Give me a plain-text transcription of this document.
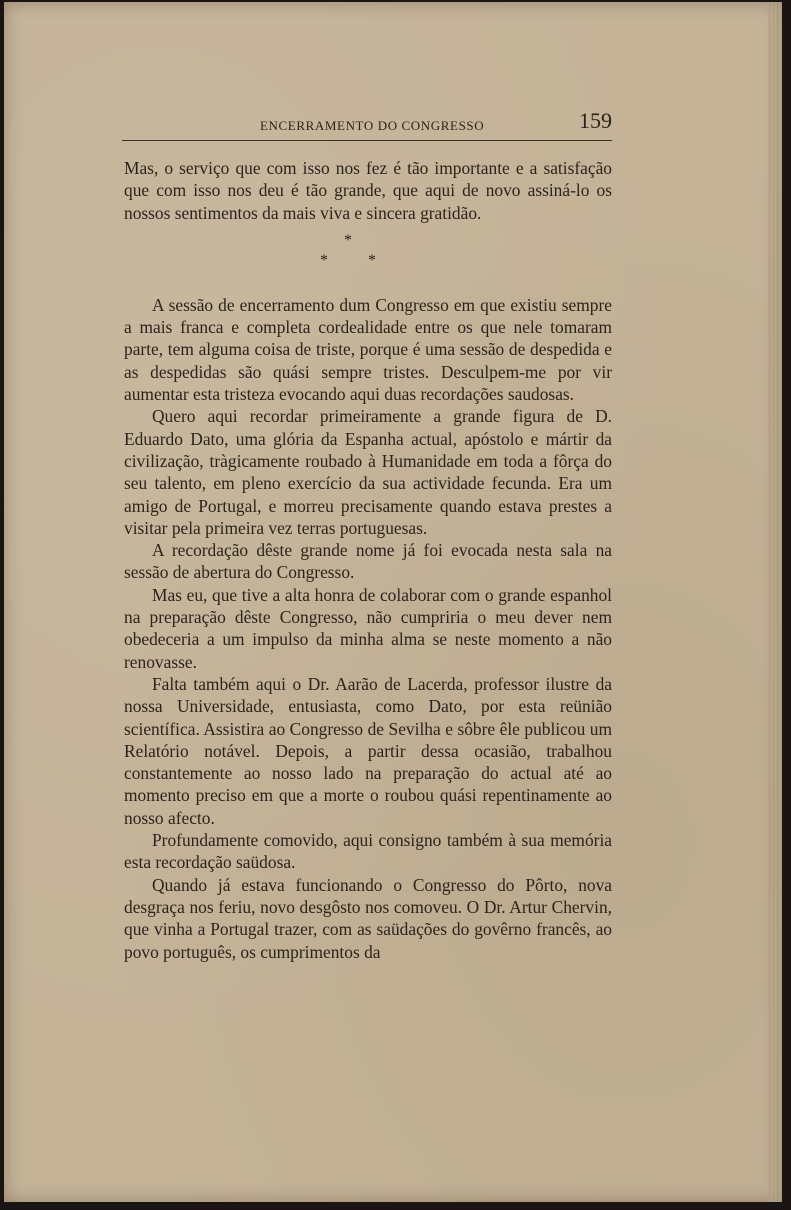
ENCERRAMENTO DO CONGRESSO	159

Mas, o serviço que com isso nos fez é tão importante e a satisfação que com isso nos deu é tão grande, que aqui de novo assiná-lo os nossos sentimentos da mais viva e sincera gratidão.

*
*	*

A sessão de encerramento dum Congresso em que existiu sempre a mais franca e completa cordealidade entre os que nele tomaram parte, tem alguma coisa de triste, porque é uma sessão de despedida e as despedidas são quási sempre tristes. Desculpem-me por vir aumentar esta tristeza evocando aqui duas recordações saudosas.

Quero aqui recordar primeiramente a grande figura de D. Eduardo Dato, uma glória da Espanha actual, apóstolo e mártir da civilização, tràgicamente roubado à Humanidade em toda a fôrça do seu talento, em pleno exercício da sua actividade fecunda. Era um amigo de Portugal, e morreu precisamente quando estava prestes a visitar pela primeira vez terras portuguesas.

A recordação dêste grande nome já foi evocada nesta sala na sessão de abertura do Congresso.

Mas eu, que tive a alta honra de colaborar com o grande espanhol na preparação dêste Congresso, não cumpriria o meu dever nem obedeceria a um impulso da minha alma se neste momento a não renovasse.

Falta também aqui o Dr. Aarão de Lacerda, professor ilustre da nossa Universidade, entusiasta, como Dato, por esta reünião scientífica. Assistira ao Congresso de Sevilha e sôbre êle publicou um Relatório notável. Depois, a partir dessa ocasião, trabalhou constantemente ao nosso lado na preparação do actual até ao momento preciso em que a morte o roubou quási repentinamente ao nosso afecto.

Profundamente comovido, aqui consigno também à sua memória esta recordação saüdosa.

Quando já estava funcionando o Congresso do Pôrto, nova desgraça nos feriu, novo desgôsto nos comoveu. O Dr. Artur Chervin, que vinha a Portugal trazer, com as saüdações do govêrno francês, ao povo português, os cumprimentos da
